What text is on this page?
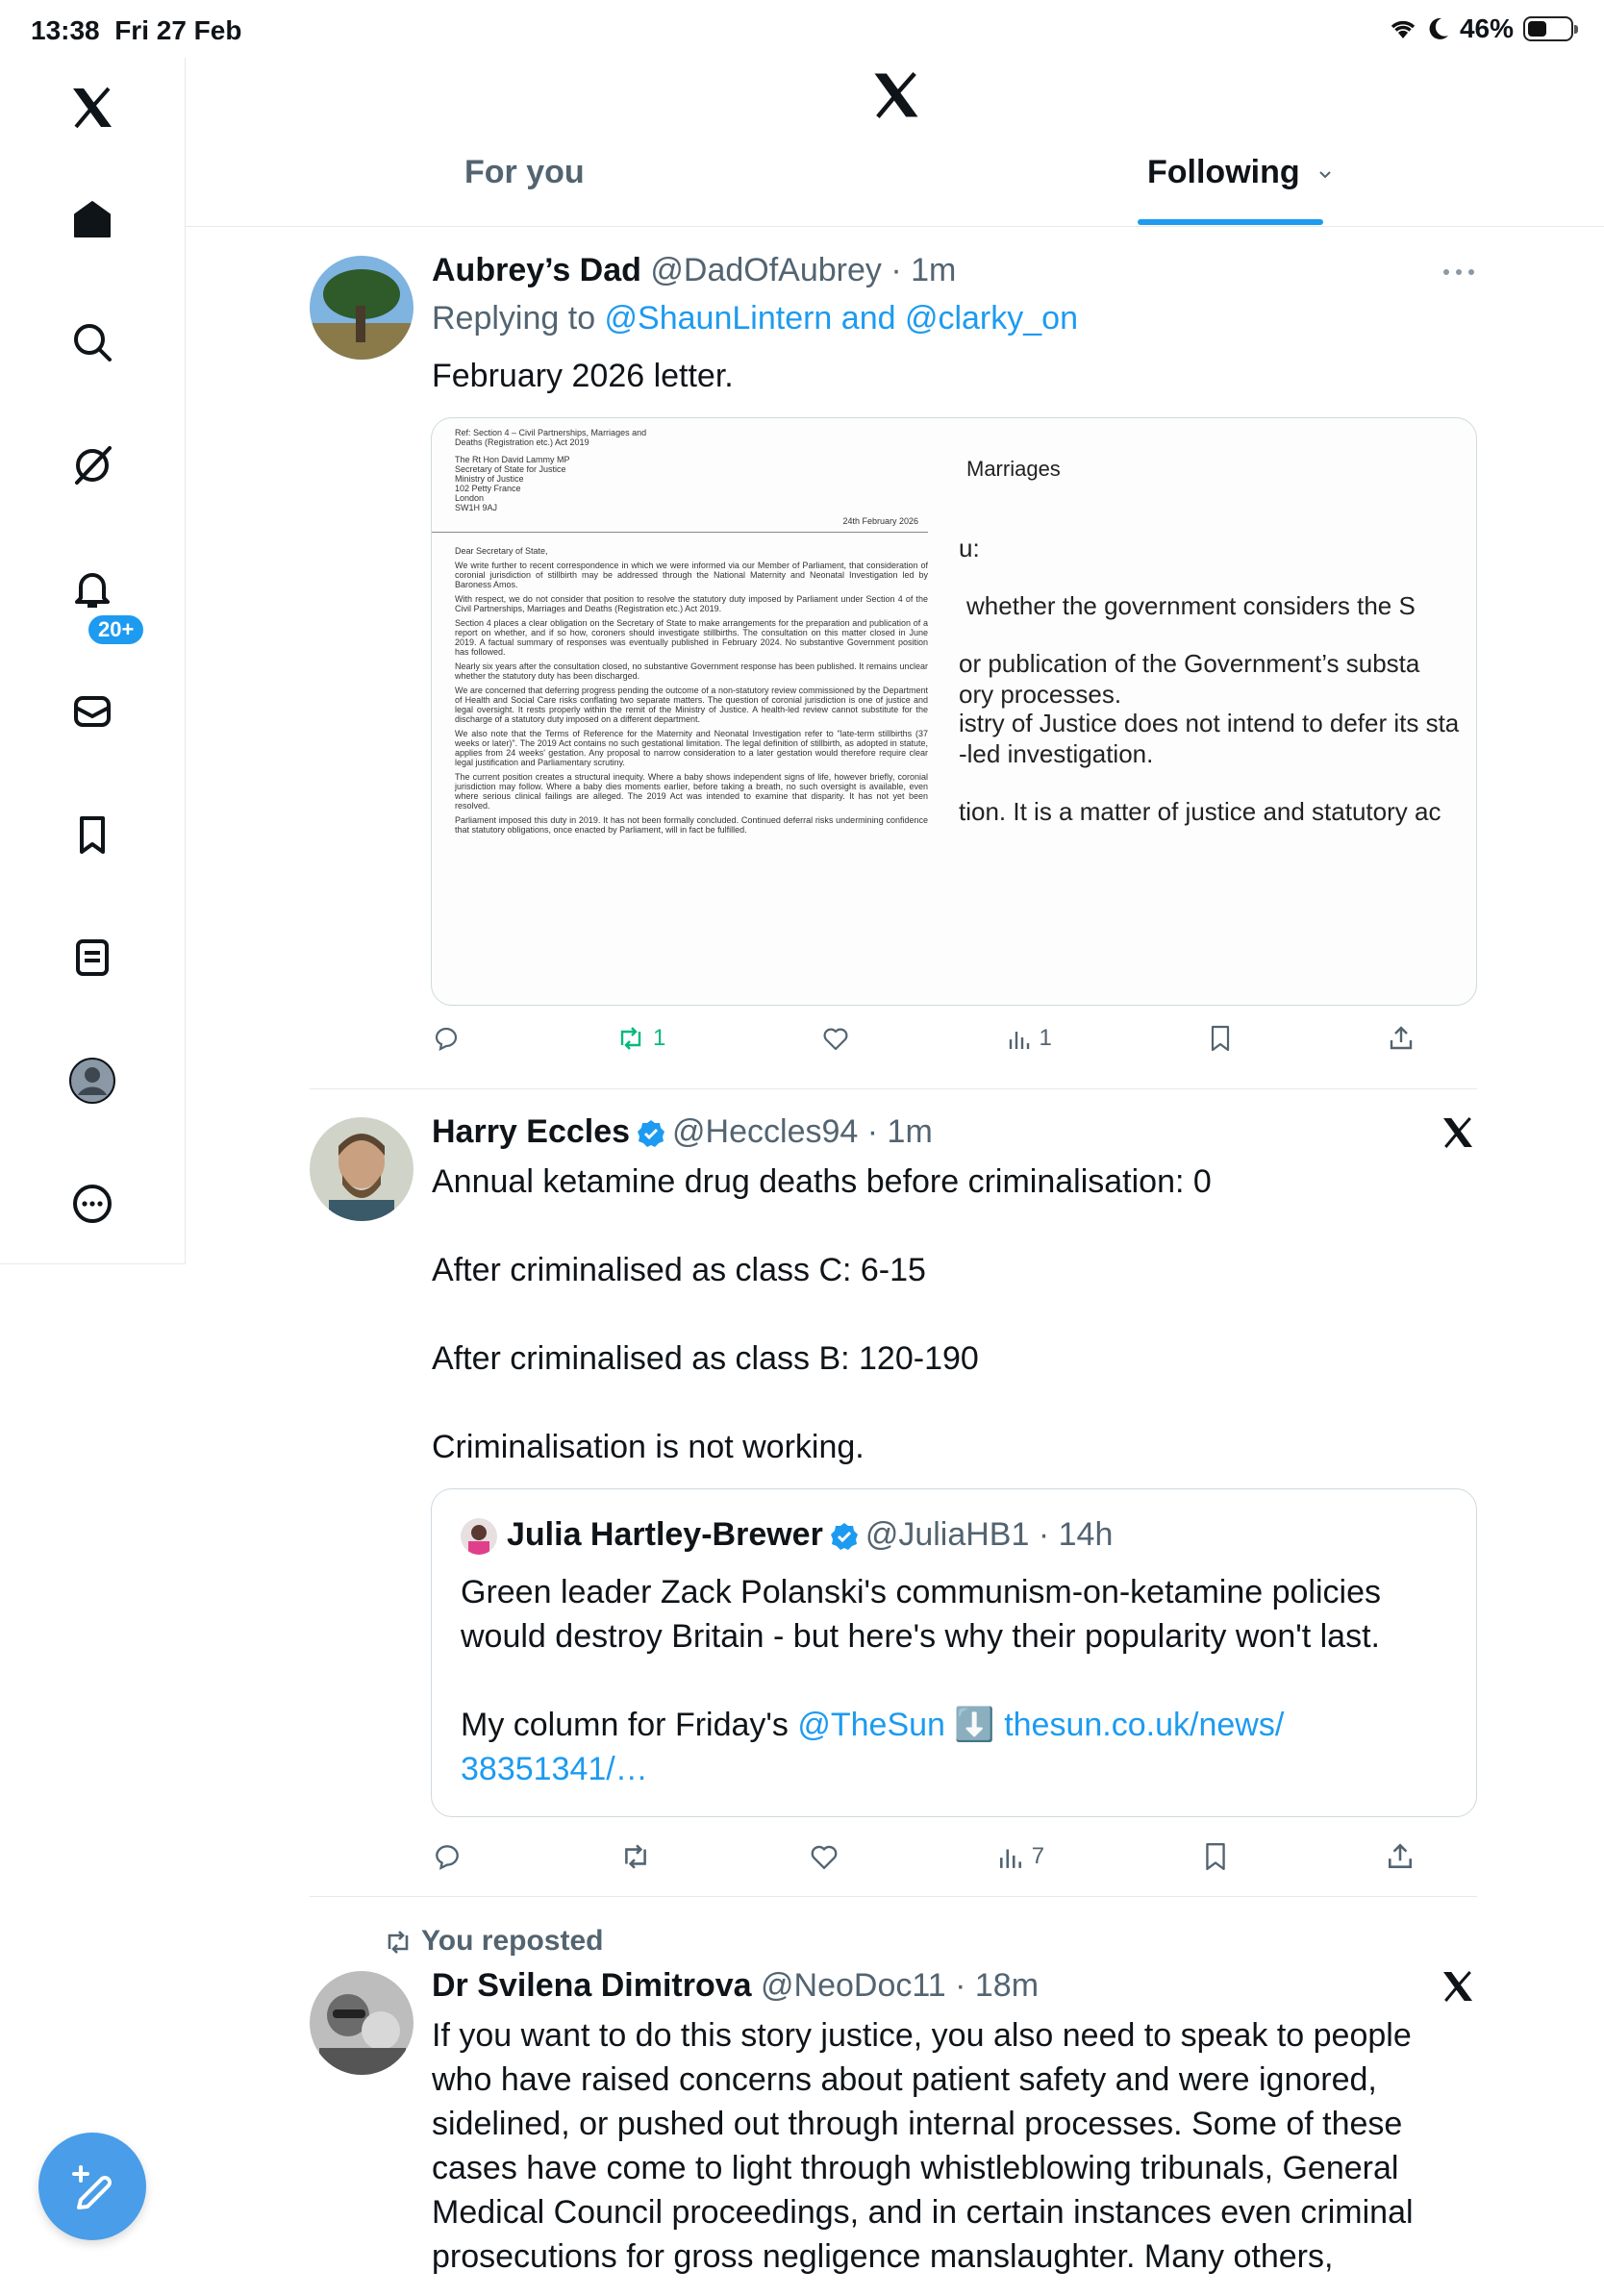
13:38 Fri 27 Feb	46%
20+
For you	Following
Aubrey’s Dad @DadOfAubrey · 1m
Replying to @ShaunLintern and @clarky_on
February 2026 letter.

Ref: Section 4 – Civil Partnerships, Marriages and Deaths (Registration etc.) Act 2019

The Rt Hon David Lammy MP
Secretary of State for Justice
Ministry of Justice
102 Petty France
London
SW1H 9AJ
24th February 2026

Dear Secretary of State,

We write further to recent correspondence in which we were informed via our Member of Parliament, that consideration of coronial jurisdiction of stillbirth may be addressed through the National Maternity and Neonatal Investigation led by Baroness Amos.

With respect, we do not consider that position to resolve the statutory duty imposed by Parliament under Section 4 of the Civil Partnerships, Marriages and Deaths (Registration etc.) Act 2019.

Section 4 places a clear obligation on the Secretary of State to make arrangements for the preparation and publication of a report on whether, and if so how, coroners should investigate stillbirths. The consultation on this matter closed in June 2019. A factual summary of responses was eventually published in February 2024. No substantive Government position has followed.

Nearly six years after the consultation closed, no substantive Government response has been published. It remains unclear whether the statutory duty has been discharged.

We are concerned that deferring progress pending the outcome of a non-statutory review commissioned by the Department of Health and Social Care risks conflating two separate matters. The question of coronial jurisdiction is one of justice and legal oversight. It rests properly within the remit of the Ministry of Justice. A health-led review cannot substitute for the discharge of a statutory duty imposed on a different department.

We also note that the Terms of Reference for the Maternity and Neonatal Investigation refer to "late-term stillbirths (37 weeks or later)". The 2019 Act contains no such gestational limitation. The legal definition of stillbirth, as adopted in statute, applies from 24 weeks' gestation. Any proposal to narrow consideration to a later gestation would therefore require clear legal justification and Parliamentary scrutiny.

The current position creates a structural inequity. Where a baby shows independent signs of life, however briefly, coronial jurisdiction may follow. Where a baby dies moments earlier, before taking a breath, no such oversight is available, even where serious clinical failings are alleged. The 2019 Act was intended to examine that disparity. It has not yet been resolved.

Parliament imposed this duty in 2019. It has not been formally concluded. Continued deferral risks undermining confidence that statutory obligations, once enacted by Parliament, will in fact be fulfilled.

Marriages
u:
whether the government considers the S
or publication of the Government’s substa
ory processes.
istry of Justice does not intend to defer its sta
-led investigation.
tion. It is a matter of justice and statutory ac
1	1
Harry Eccles @Heccles94 · 1m
Annual ketamine drug deaths before criminalisation: 0
After criminalised as class C: 6-15
After criminalised as class B: 120-190
Criminalisation is not working.
Julia Hartley-Brewer @JuliaHB1 · 14h
Green leader Zack Polanski's communism-on-ketamine policies would destroy Britain - but here's why their popularity won't last.
My column for Friday's @TheSun ⬇️ thesun.co.uk/news/
38351341/…
7
You reposted
Dr Svilena Dimitrova @NeoDoc11 · 18m
If you want to do this story justice, you also need to speak to people
who have raised concerns about patient safety and were ignored,
sidelined, or pushed out through internal processes. Some of these
cases have come to light through whistleblowing tribunals, General
Medical Council proceedings, and in certain instances even criminal
prosecutions for gross negligence manslaughter. Many others,
